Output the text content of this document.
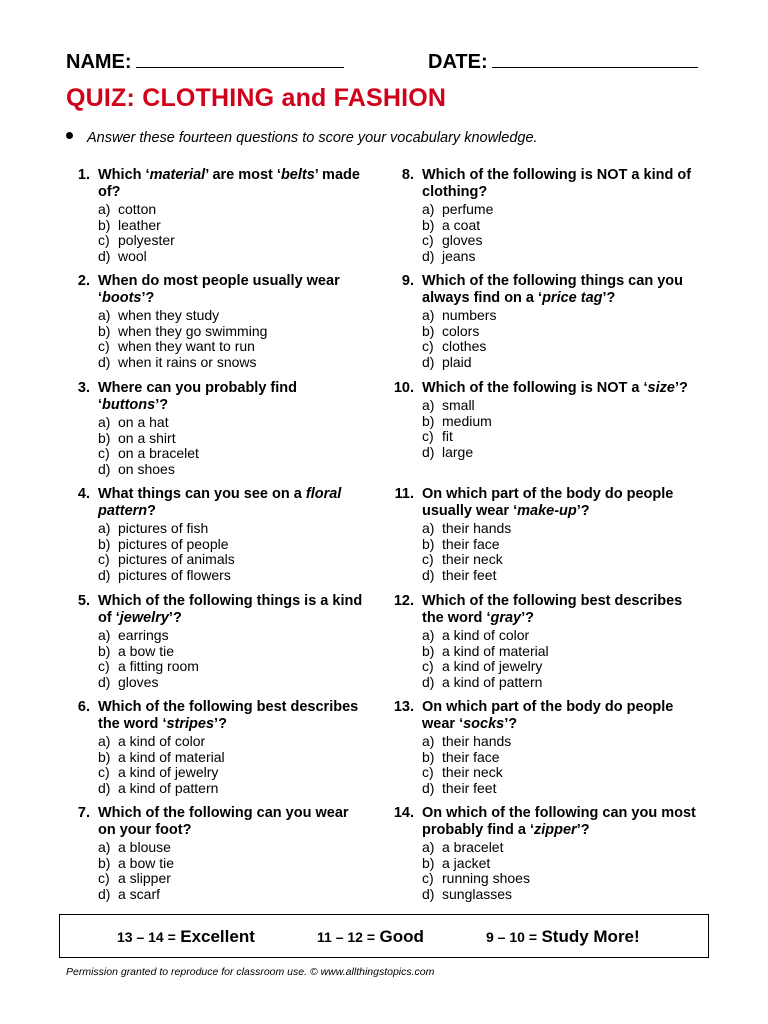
NAME:	DATE:
QUIZ: CLOTHING and FASHION
Answer these fourteen questions to score your vocabulary knowledge.
1. Which ‘material’ are most ‘belts’ made of?
a) cotton
b) leather
c) polyester
d) wool
2. When do most people usually wear ‘boots’?
a) when they study
b) when they go swimming
c) when they want to run
d) when it rains or snows
3. Where can you probably find ‘buttons’?
a) on a hat
b) on a shirt
c) on a bracelet
d) on shoes
4. What things can you see on a floral pattern?
a) pictures of fish
b) pictures of people
c) pictures of animals
d) pictures of flowers
5. Which of the following things is a kind of ‘jewelry’?
a) earrings
b) a bow tie
c) a fitting room
d) gloves
6. Which of the following best describes the word ‘stripes’?
a) a kind of color
b) a kind of material
c) a kind of jewelry
d) a kind of pattern
7. Which of the following can you wear on your foot?
a) a blouse
b) a bow tie
c) a slipper
d) a scarf
8. Which of the following is NOT a kind of clothing?
a) perfume
b) a coat
c) gloves
d) jeans
9. Which of the following things can you always find on a ‘price tag’?
a) numbers
b) colors
c) clothes
d) plaid
10. Which of the following is NOT a ‘size’?
a) small
b) medium
c) fit
d) large
11. On which part of the body do people usually wear ‘make-up’?
a) their hands
b) their face
c) their neck
d) their feet
12. Which of the following best describes the word ‘gray’?
a) a kind of color
b) a kind of material
c) a kind of jewelry
d) a kind of pattern
13. On which part of the body do people wear ‘socks’?
a) their hands
b) their face
c) their neck
d) their feet
14. On which of the following can you most probably find a ‘zipper’?
a) a bracelet
b) a jacket
c) running shoes
d) sunglasses
13 – 14 = Excellent	11 – 12 = Good	9 – 10 = Study More!
Permission granted to reproduce for classroom use. © www.allthingstopics.com
